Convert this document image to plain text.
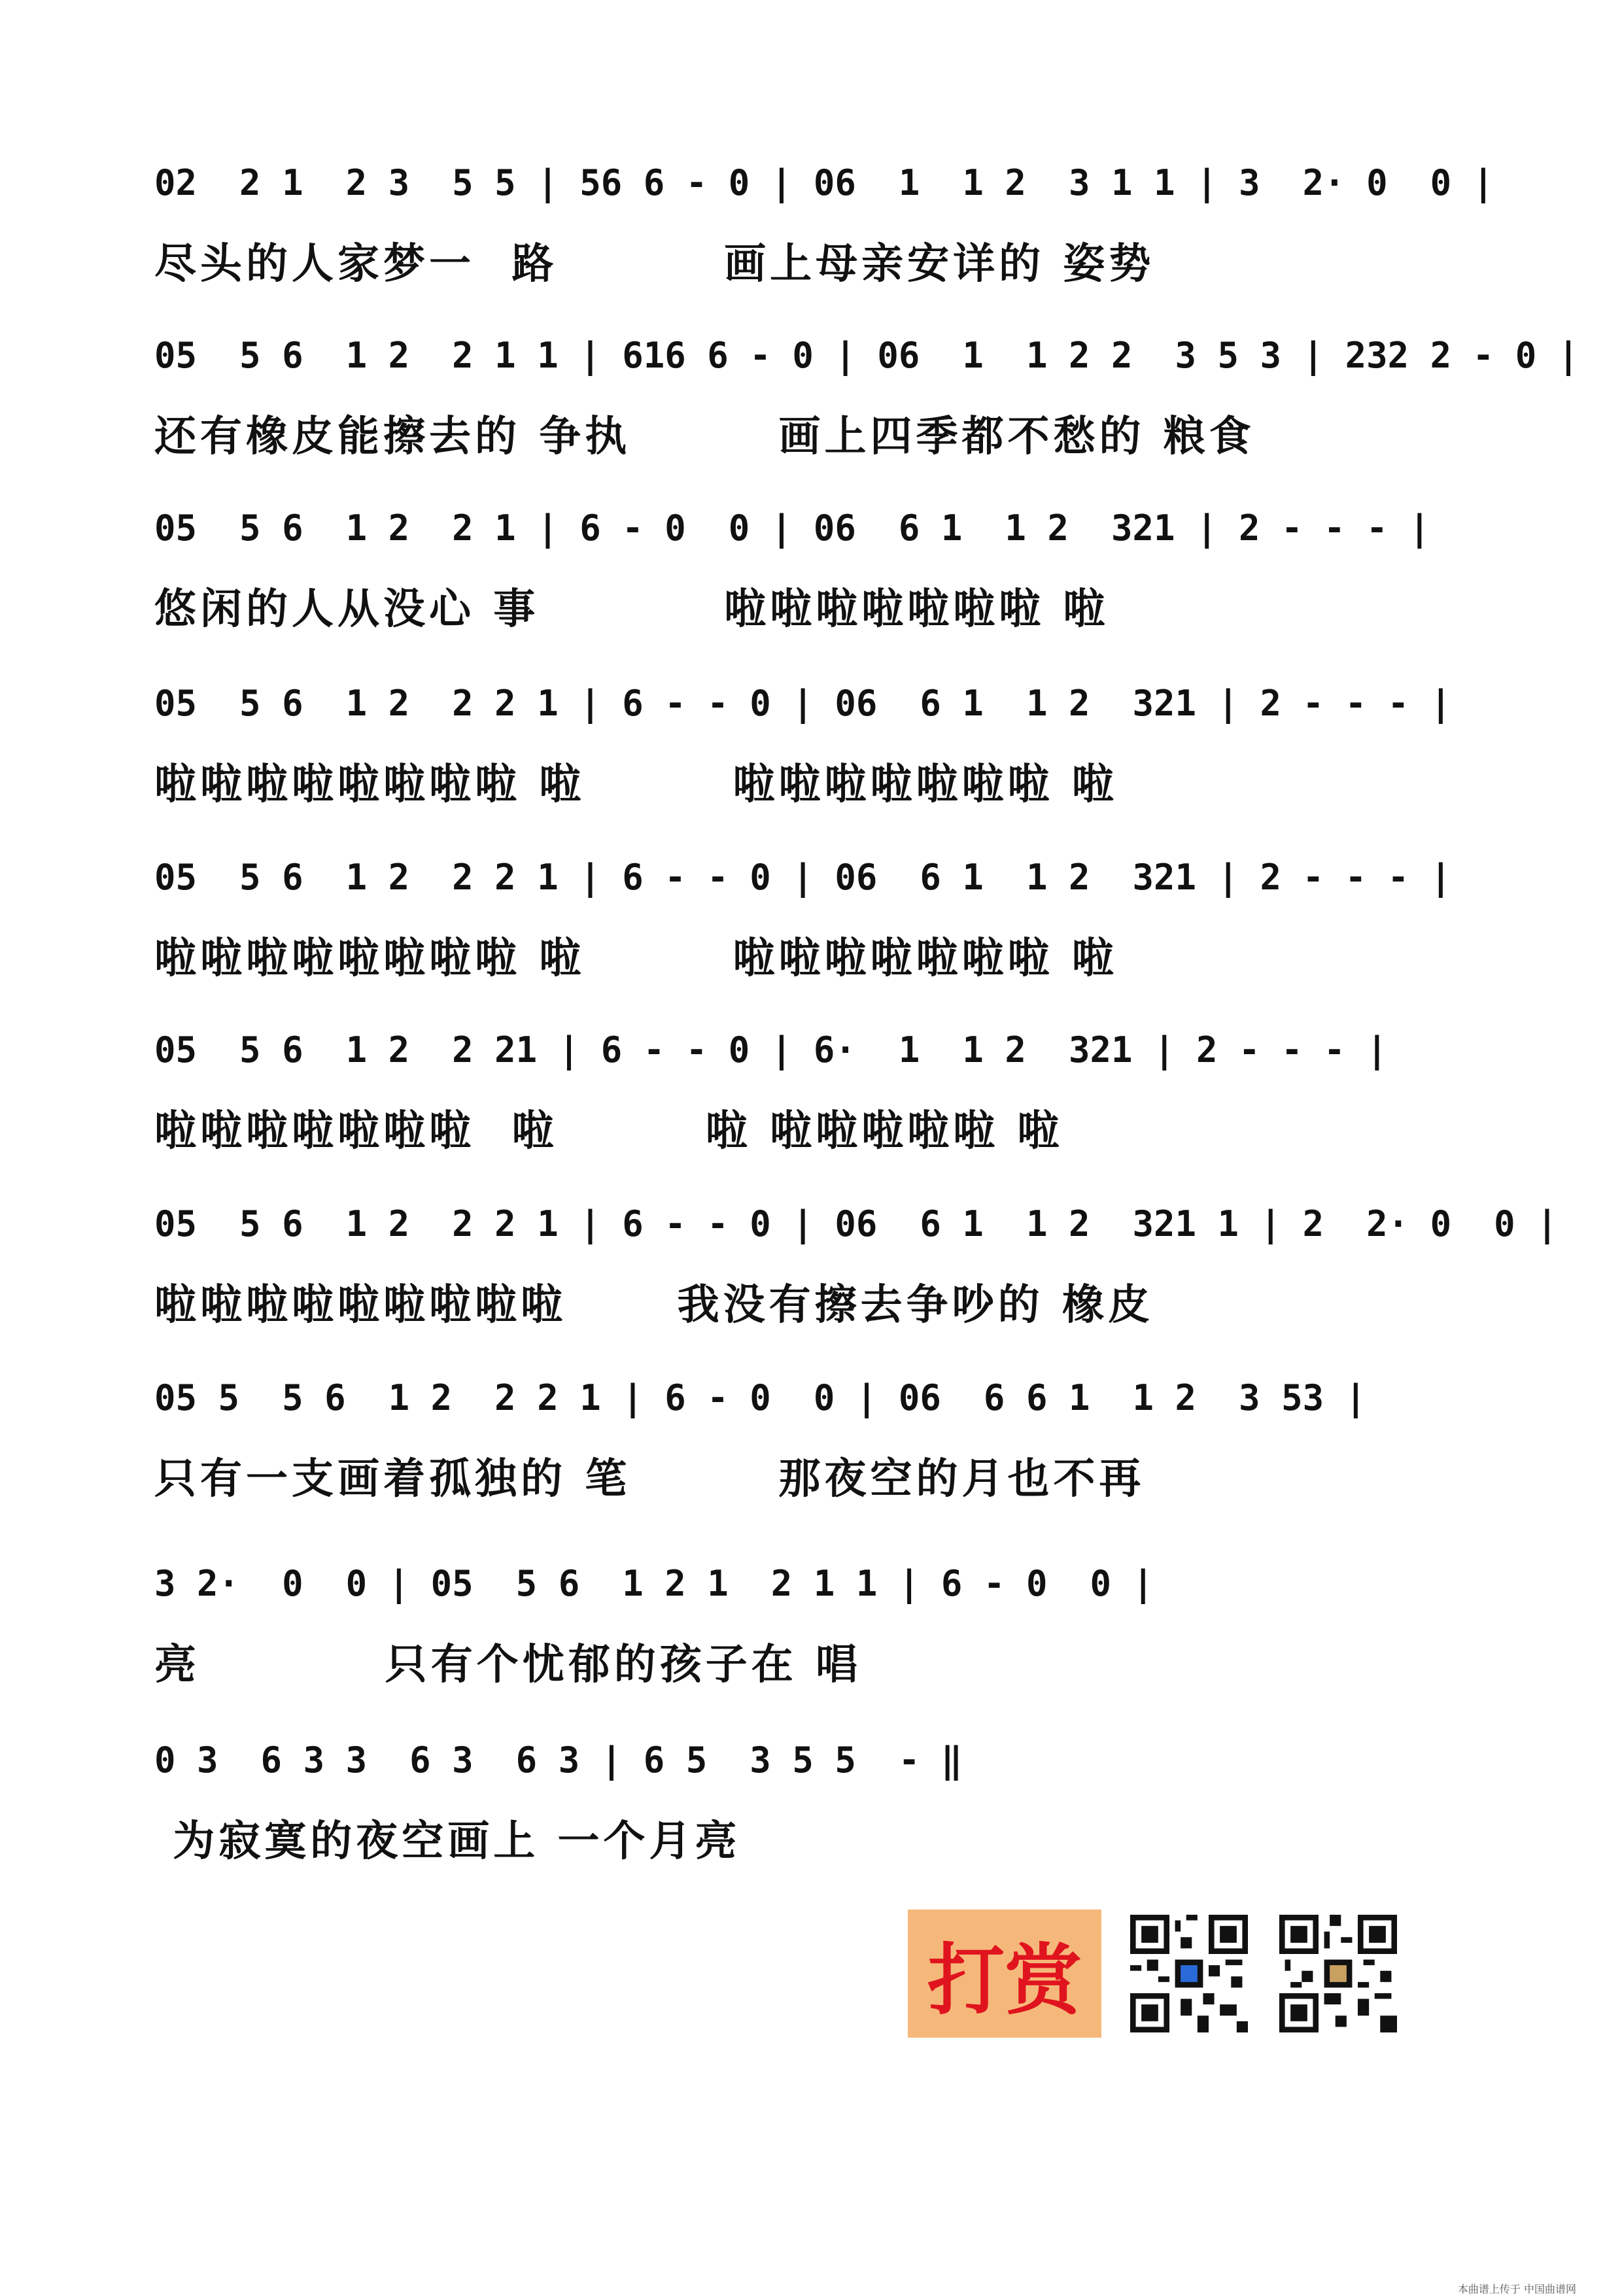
02  2 1  2 3  5 5 | 56 6 - 0 | 06  1  1 2  3 1 1 | 3  2· 0  0 |
尽头的人家梦一  路         画上母亲安详的 姿势
05  5 6  1 2  2 1 1 | 616 6 - 0 | 06  1  1 2 2  3 5 3 | 232 2 - 0 |
还有橡皮能擦去的 争执        画上四季都不愁的 粮食
05  5 6  1 2  2 1 | 6 - 0  0 | 06  6 1  1 2  321 | 2 - - - |
悠闲的人从没心 事          啦啦啦啦啦啦啦 啦
05  5 6  1 2  2 2 1 | 6 - - 0 | 06  6 1  1 2  321 | 2 - - - |
啦啦啦啦啦啦啦啦 啦        啦啦啦啦啦啦啦 啦
05  5 6  1 2  2 2 1 | 6 - - 0 | 06  6 1  1 2  321 | 2 - - - |
啦啦啦啦啦啦啦啦 啦        啦啦啦啦啦啦啦 啦
05  5 6  1 2  2 21 | 6 - - 0 | 6·  1  1 2  321 | 2 - - - |
啦啦啦啦啦啦啦  啦        啦 啦啦啦啦啦 啦
05  5 6  1 2  2 2 1 | 6 - - 0 | 06  6 1  1 2  321 1 | 2  2· 0  0 |
啦啦啦啦啦啦啦啦啦      我没有擦去争吵的 橡皮
05 5  5 6  1 2  2 2 1 | 6 - 0  0 | 06  6 6 1  1 2  3 53 |
只有一支画着孤独的 笔        那夜空的月也不再
3 2·  0  0 | 05  5 6  1 2 1  2 1 1 | 6 - 0  0 |
亮          只有个忧郁的孩子在 唱
0 3  6 3 3  6 3  6 3 | 6 5  3 5 5  - ‖
为寂寞的夜空画上 一个月亮
打赏
本曲谱上传于 中国曲谱网
